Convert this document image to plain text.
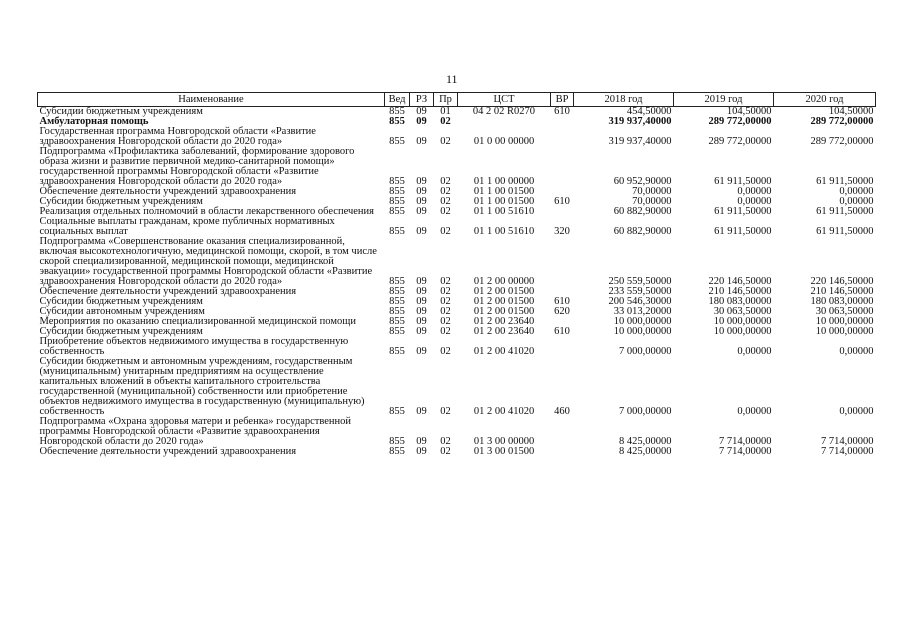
11
Наименование	Вед	РЗ	Пр	ЦСТ	ВР	2018 год	2019 год	2020 год
Субсидии бюджетным учреждениям	855	09	01	04 2 02 R0270	610	454,50000	104,50000	104,50000
Амбулаторная помощь	855	09	02			319 937,40000	289 772,00000	289 772,00000
Государственная программа Новгородской области «Развитие здравоохранения Новгородской области до 2020 года»	855	09	02	01 0 00 00000		319 937,40000	289 772,00000	289 772,00000
Подпрограмма «Профилактика заболеваний, формирование здорового образа жизни и развитие первичной медико-санитарной помощи» государственной программы Новгородской области «Развитие здравоохранения Новгородской области до 2020 года»	855	09	02	01 1 00 00000		60 952,90000	61 911,50000	61 911,50000
Обеспечение деятельности учреждений здравоохранения	855	09	02	01 1 00 01500		70,00000	0,00000	0,00000
Субсидии бюджетным учреждениям	855	09	02	01 1 00 01500	610	70,00000	0,00000	0,00000
Реализация отдельных полномочий в области лекарственного обеспечения	855	09	02	01 1 00 51610		60 882,90000	61 911,50000	61 911,50000
Социальные выплаты гражданам, кроме публичных нормативных социальных выплат	855	09	02	01 1 00 51610	320	60 882,90000	61 911,50000	61 911,50000
Подпрограмма «Совершенствование оказания специализированной, включая высокотехнологичную, медицинской помощи, скорой, в том числе скорой специализированной, медицинской помощи, медицинской эвакуации» государственной программы Новгородской области «Развитие здравоохранения Новгородской области до 2020 года»	855	09	02	01 2 00 00000		250 559,50000	220 146,50000	220 146,50000
Обеспечение деятельности учреждений здравоохранения	855	09	02	01 2 00 01500		233 559,50000	210 146,50000	210 146,50000
Субсидии бюджетным учреждениям	855	09	02	01 2 00 01500	610	200 546,30000	180 083,00000	180 083,00000
Субсидии автономным учреждениям	855	09	02	01 2 00 01500	620	33 013,20000	30 063,50000	30 063,50000
Мероприятия по оказанию специализированной медицинской помощи	855	09	02	01 2 00 23640		10 000,00000	10 000,00000	10 000,00000
Субсидии бюджетным учреждениям	855	09	02	01 2 00 23640	610	10 000,00000	10 000,00000	10 000,00000
Приобретение объектов недвижимого имущества в государственную собственность	855	09	02	01 2 00 41020		7 000,00000	0,00000	0,00000
Субсидии бюджетным и автономным учреждениям, государственным (муниципальным) унитарным предприятиям на осуществление капитальных вложений в объекты капитального строительства государственной (муниципальной) собственности или приобретение объектов недвижимого имущества в государственную (муниципальную) собственность	855	09	02	01 2 00 41020	460	7 000,00000	0,00000	0,00000
Подпрограмма «Охрана здоровья матери и ребенка» государственной программы Новгородской области «Развитие здравоохранения Новгородской области до 2020 года»	855	09	02	01 3 00 00000		8 425,00000	7 714,00000	7 714,00000
Обеспечение деятельности учреждений здравоохранения	855	09	02	01 3 00 01500		8 425,00000	7 714,00000	7 714,00000
